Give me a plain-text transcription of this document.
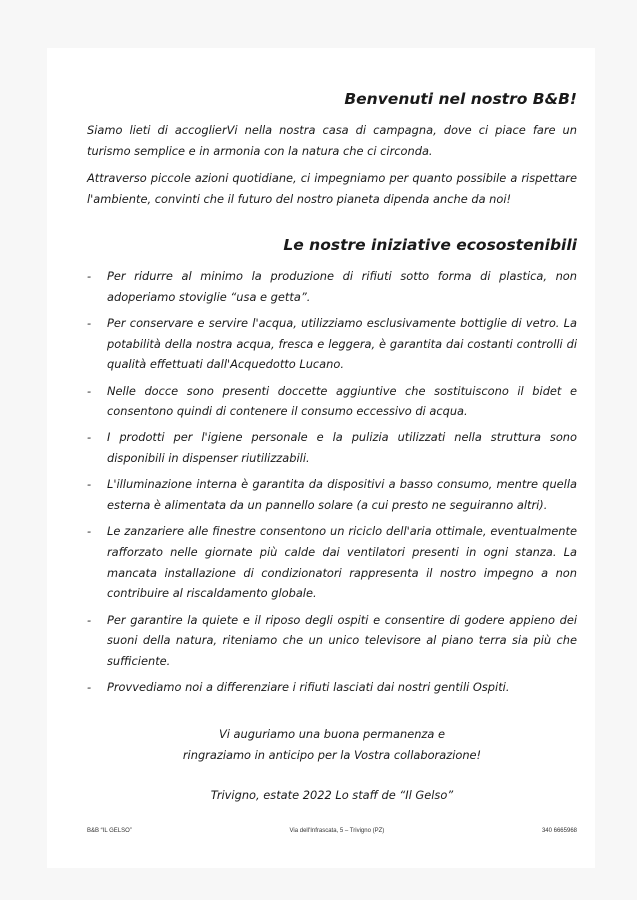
Benvenuti nel nostro B&B!

Siamo lieti di accoglierVi nella nostra casa di campagna, dove ci piace fare un turismo semplice e in armonia con la natura che ci circonda.

Attraverso piccole azioni quotidiane, ci impegniamo per quanto possibile a rispettare l'ambiente, convinti che il futuro del nostro pianeta dipenda anche da noi!

Le nostre iniziative ecosostenibili
- Per ridurre al minimo la produzione di rifiuti sotto forma di plastica, non adoperiamo stoviglie “usa e getta”.
- Per conservare e servire l'acqua, utilizziamo esclusivamente bottiglie di vetro. La potabilità della nostra acqua, fresca e leggera, è garantita dai costanti controlli di qualità effettuati dall'Acquedotto Lucano.
- Nelle docce sono presenti doccette aggiuntive che sostituiscono il bidet e consentono quindi di contenere il consumo eccessivo di acqua.
- I prodotti per l'igiene personale e la pulizia utilizzati nella struttura sono disponibili in dispenser riutilizzabili.
- L'illuminazione interna è garantita da dispositivi a basso consumo, mentre quella esterna è alimentata da un pannello solare (a cui presto ne seguiranno altri).
- Le zanzariere alle finestre consentono un riciclo dell'aria ottimale, eventualmente rafforzato nelle giornate più calde dai ventilatori presenti in ogni stanza. La mancata installazione di condizionatori rappresenta il nostro impegno a non contribuire al riscaldamento globale.
- Per garantire la quiete e il riposo degli ospiti e consentire di godere appieno dei suoni della natura, riteniamo che un unico televisore al piano terra sia più che sufficiente.
- Provvediamo noi a differenziare i rifiuti lasciati dai nostri gentili Ospiti.

Vi auguriamo una buona permanenza e

ringraziamo in anticipo per la Vostra collaborazione!

Trivigno, estate 2022 Lo staff de “Il Gelso”
B&B “IL GELSO”	Via dell'Infrascata, 5 – Trivigno (PZ)	340 6665968
